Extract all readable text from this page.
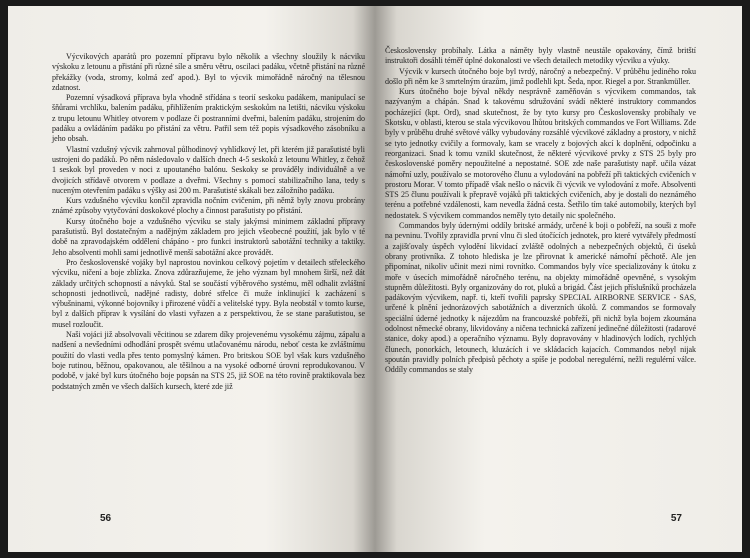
Výcvikových aparátů pro pozemní přípravu bylo několik a všechny sloužily k nácviku výskoku z letounu a přistání při různé síle a směru větru, oscilaci padáku, včetně přistání na různé překážky (voda, stromy, kolmá zeď apod.). Byl to výcvik mimořádně náročný na tělesnou zdatnost.

Pozemní výsadková příprava byla vhodně střídána s teorií seskoku padákem, manipulací se šňůrami vrchlíku, balením padáku, přihlížením praktickým seskokům na letišti, nácviku výskoku z trupu letounu Whitley otvorem v podlaze či postranními dveřmi, balením padáku, strojením do padáku a ovládáním padáku po přistání za větru. Patřil sem též popis výsadkového zásobníku a jeho obsah.

Vlastní vzdušný výcvik zahrnoval půlhodinový vyhlídkový let, při kterém již parašutisté byli ustrojeni do padáků. Po něm následovalo v dalších dnech 4-5 seskoků z letounu Whitley, z čehož 1 seskok byl proveden v noci z upoutaného balónu. Seskoky se prováděly individuálně a ve dvojicích střídavě otvorem v podlaze a dveřmi. Všechny s pomocí stabilizačního lana, tedy s nuceným otevřením padáku s výšky asi 200 m. Parašutisté skákali bez záložního padáku.

Kurs vzdušného výcviku končil zpravidla nočním cvičením, při němž byly znovu probrány známé způsoby vytyčování doskokové plochy a činnost parašutisty po přistání.

Kursy útočného boje a vzdušného výcviku se staly jakýmsi minimem základní přípravy parašutistů. Byl dostatečným a nadějným základem pro jejich všeobecné použití, jak bylo v té době na zpravodajském oddělení chápáno - pro funkci instruktorů sabotážní techniky a taktiky. Jeho absolventi mohli sami jednotlivě menší sabotážní akce provádět.

Pro československé vojáky byl naprostou novinkou celkový pojetím v detailech střeleckého výcviku, ničení a boje zblízka. Znova zdůrazňujeme, že jeho význam byl mnohem širší, než dát základy určitých schopností a návyků. Stal se součástí výběrového systému, měl odhalit zvláštní schopnosti jednotlivců, nadějné radisty, dobré střelce či muže inklinující k zacházení s výbušninami, výkonné bojovníky i přirozené vůdčí a velitelské typy. Byla neobstál v tomto kurse, byl z dalších příprav k vysílání do vlasti vyřazen a z perspektivou, že se stane parašutistou, se musel rozloučit.

Naši vojáci již absolvovali věcitinou se zdarem díky projevenému vysokému zájmu, zápalu a nadšení a nevšedními odhodlání prospět svému utlačovanému národu, neboť cesta ke zvláštnímu použití do vlasti vedla přes tento pomyslný kámen. Pro britskou SOE byl však kurs vzdušného boje rutinou, běžnou, opakovanou, ale těšilnou a na vysoké odborné úrovni reprodukovanou. V podobě, v jaké byl kurs útočného boje popsán na STS 25, již SOE na této rovině praktikovala bez podstatných změn ve všech dalších kursech, které zde již

56

Československy probíhaly. Látka a náměty byly vlastně neustále opakovány, čímž britští instruktoři dosáhli téměř úplné dokonalosti ve všech detailech metodiky výcviku a výuky.

Výcvik v kursech útočného boje byl tvrdý, náročný a nebezpečný. V průběhu jediného roku došlo při něm ke 3 smrtelným úrazům, jimž podlehli kpt. Šeda, npor. Riegel a por. Strankmüller.

Kurs útočného boje býval někdy nesprávně zaměňován s výcvikem commandos, tak nazývaným a chápán. Snad k takovému sdružování svádí některé instruktory commandos pocházející (kpt. Ord), snad skutečnost, že by tyto kursy pro Československy probíhaly ve Skotsku, v oblasti, kterou se stala výcvikovou lhůtou britských commandos ve Fort Williams. Zde byly v průběhu druhé světové války vybudovány rozsáhlé výcvikové základny a prostory, v nichž se tyto jednotky cvičily a formovaly, kam se vracely z bojových akcí k doplnění, odpočinku a reorganizaci. Snad k tomu vznikl skutečnost, že některé výcvikové prvky z STS 25 byly pro československé poměry nepoužitelné a nepostatné. SOE zde naše parašutisty např. učila vázat námořní uzly, používalo se motorového člunu a vylodování na pobřeží při taktických cvičeních v prostoru Morar. V tomto případě však nešlo o nácvik či výcvik ve vylodování z moře. Absolventi STS 25 člunu používali k přepravě vojáků při taktických cvičeních, aby je dostali do neznámého terénu a potřebné vzdálenosti, kam nevedla žádná cesta. Šetřilo tím také automobily, kterých byl nedostatek. S výcvikem commandos neměly tyto detaily nic společného.

Commandos byly údernými oddíly britské armády, určené k boji o pobřeží, na souši z moře na pevninu. Tvořily zpravidla první vlnu či sled útočících jednotek, pro které vytvářely předmostí a zajišťovaly úspěch vylodění likvidací zvláště odolných a nebezpečných objektů, či úseků obrany protivníka. Z tohoto hlediska je lze přirovnat k americké námořní pěchotě. Ale jen připomínat, nikoliv učinit mezi nimi rovnítko. Commandos byly více specializovány k útoku z moře v úsecích mimořádně náročného terénu, na objekty mimořádně opevněné, s vysokým stupněm důležitosti. Byly organizovány do rot, pluků a brigád. Část jejich příslušníků procházela padákovým výcvikem, např. ti, kteří tvořili paprsky SPECIAL AIRBORNE SERVICE - SAS, určené k plnění jednorázových sabotážních a diverzních úkolů. Z commandos se formovaly speciální úderné jednotky k nájezdům na francouzské pobřeží, při nichž byla bojem zkoumána odolnost německé obrany, likvidovány a ničena technická zařízení jedinečné důležitosti (radarové stanice, doky apod.) a operačního významu. Byly dopravovány v hladinových lodích, rychlých člunech, ponorkách, letounech, kluzácích i ve skládacích kajacích. Commandos nebyl nijak spoután pravidly polních předpisů pěchoty a spíše je podobal neregulérní, nežli regulérní válce. Oddíly commandos se staly

57
